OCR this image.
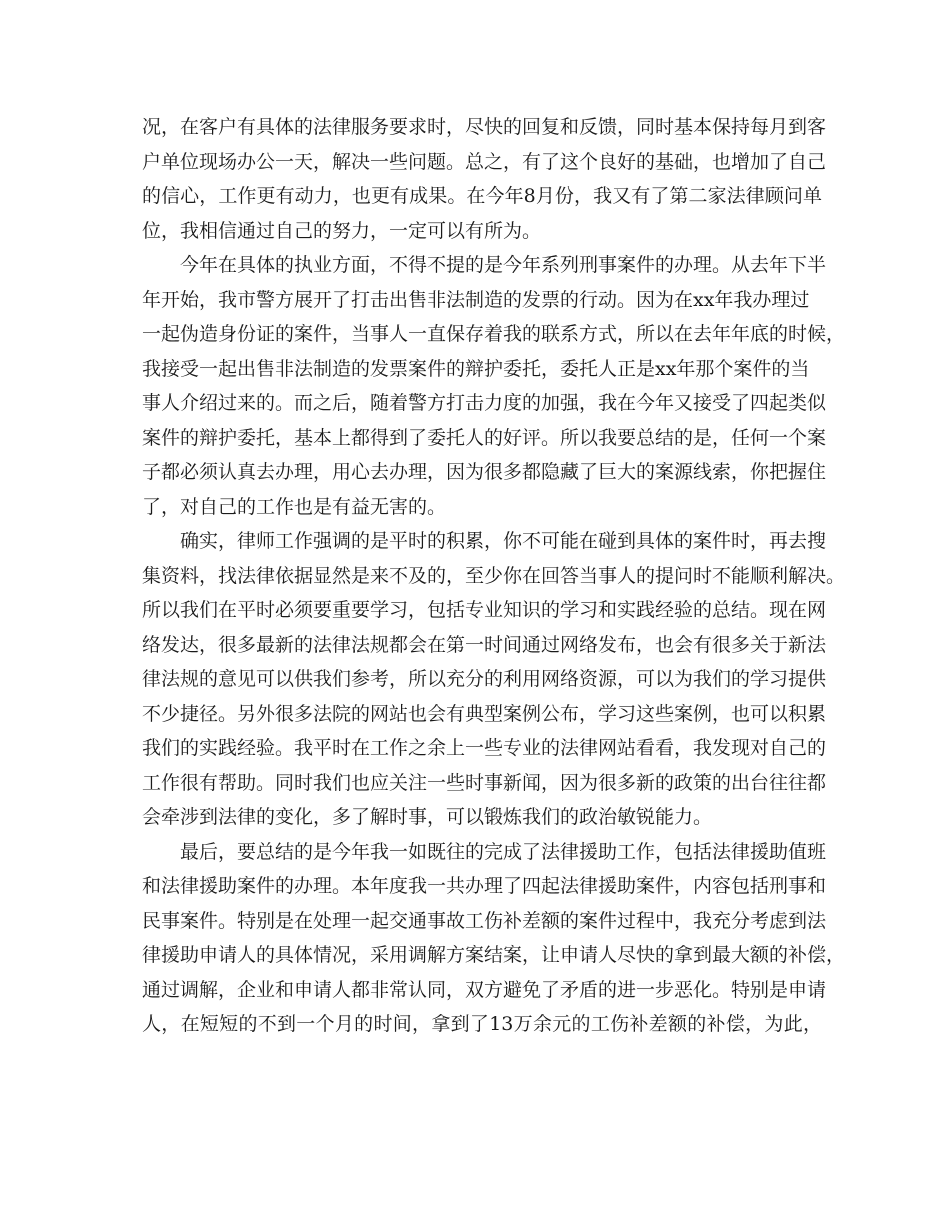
况，在客户有具体的法律服务要求时，尽快的回复和反馈，同时基本保持每月到客
户单位现场办公一天，解决一些问题。总之，有了这个良好的基础，也增加了自己
的信心，工作更有动力，也更有成果。在今年8月份，我又有了第二家法律顾问单
位，我相信通过自己的努力，一定可以有所为。
今年在具体的执业方面，不得不提的是今年系列刑事案件的办理。从去年下半
年开始，我市警方展开了打击出售非法制造的发票的行动。因为在xx年我办理过
一起伪造身份证的案件，当事人一直保存着我的联系方式，所以在去年年底的时候，
我接受一起出售非法制造的发票案件的辩护委托，委托人正是xx年那个案件的当
事人介绍过来的。而之后，随着警方打击力度的加强，我在今年又接受了四起类似
案件的辩护委托，基本上都得到了委托人的好评。所以我要总结的是，任何一个案
子都必须认真去办理，用心去办理，因为很多都隐藏了巨大的案源线索，你把握住
了，对自己的工作也是有益无害的。
确实，律师工作强调的是平时的积累，你不可能在碰到具体的案件时，再去搜
集资料，找法律依据显然是来不及的，至少你在回答当事人的提问时不能顺利解决。
所以我们在平时必须要重要学习，包括专业知识的学习和实践经验的总结。现在网
络发达，很多最新的法律法规都会在第一时间通过网络发布，也会有很多关于新法
律法规的意见可以供我们参考，所以充分的利用网络资源，可以为我们的学习提供
不少捷径。另外很多法院的网站也会有典型案例公布，学习这些案例，也可以积累
我们的实践经验。我平时在工作之余上一些专业的法律网站看看，我发现对自己的
工作很有帮助。同时我们也应关注一些时事新闻，因为很多新的政策的出台往往都
会牵涉到法律的变化，多了解时事，可以锻炼我们的政治敏锐能力。
最后，要总结的是今年我一如既往的完成了法律援助工作，包括法律援助值班
和法律援助案件的办理。本年度我一共办理了四起法律援助案件，内容包括刑事和
民事案件。特别是在处理一起交通事故工伤补差额的案件过程中，我充分考虑到法
律援助申请人的具体情况，采用调解方案结案，让申请人尽快的拿到最大额的补偿，
通过调解，企业和申请人都非常认同，双方避免了矛盾的进一步恶化。特别是申请
人，在短短的不到一个月的时间，拿到了13万余元的工伤补差额的补偿，为此，
